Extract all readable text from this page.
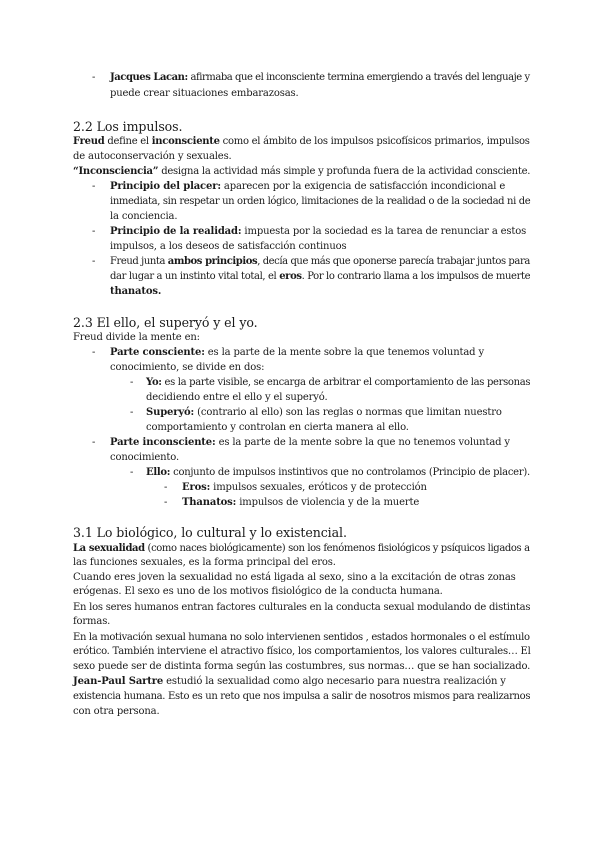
- Jacques Lacan: afirmaba que el inconsciente termina emergiendo a través del lenguaje y
puede crear situaciones embarazosas.
2.2 Los impulsos.
Freud define el inconsciente como el ámbito de los impulsos psicofísicos primarios, impulsos
de autoconservación y sexuales.
“Inconsciencia” designa la actividad más simple y profunda fuera de la actividad consciente.
- Principio del placer: aparecen por la exigencia de satisfacción incondicional e
inmediata, sin respetar un orden lógico, limitaciones de la realidad o de la sociedad ni de
la conciencia.
- Principio de la realidad: impuesta por la sociedad es la tarea de renunciar a estos
impulsos, a los deseos de satisfacción continuos
- Freud junta ambos principios, decía que más que oponerse parecía trabajar juntos para
dar lugar a un instinto vital total, el eros. Por lo contrario llama a los impulsos de muerte
thanatos.
2.3 El ello, el superyó y el yo.
Freud divide la mente en:
- Parte consciente: es la parte de la mente sobre la que tenemos voluntad y
conocimiento, se divide en dos:
- Yo: es la parte visible, se encarga de arbitrar el comportamiento de las personas
decidiendo entre el ello y el superyó.
- Superyó: (contrario al ello) son las reglas o normas que limitan nuestro
comportamiento y controlan en cierta manera al ello.
- Parte inconsciente: es la parte de la mente sobre la que no tenemos voluntad y
conocimiento.
- Ello: conjunto de impulsos instintivos que no controlamos (Principio de placer).
- Eros: impulsos sexuales, eróticos y de protección
- Thanatos: impulsos de violencia y de la muerte
3.1 Lo biológico, lo cultural y lo existencial.
La sexualidad (como naces biológicamente) son los fenómenos fisiológicos y psíquicos ligados a
las funciones sexuales, es la forma principal del eros.
Cuando eres joven la sexualidad no está ligada al sexo, sino a la excitación de otras zonas
erógenas. El sexo es uno de los motivos fisiológico de la conducta humana.
En los seres humanos entran factores culturales en la conducta sexual modulando de distintas
formas.
En la motivación sexual humana no solo intervienen sentidos , estados hormonales o el estímulo
erótico. También interviene el atractivo físico, los comportamientos, los valores culturales… El
sexo puede ser de distinta forma según las costumbres, sus normas… que se han socializado.
Jean-Paul Sartre estudió la sexualidad como algo necesario para nuestra realización y
existencia humana. Esto es un reto que nos impulsa a salir de nosotros mismos para realizarnos
con otra persona.
